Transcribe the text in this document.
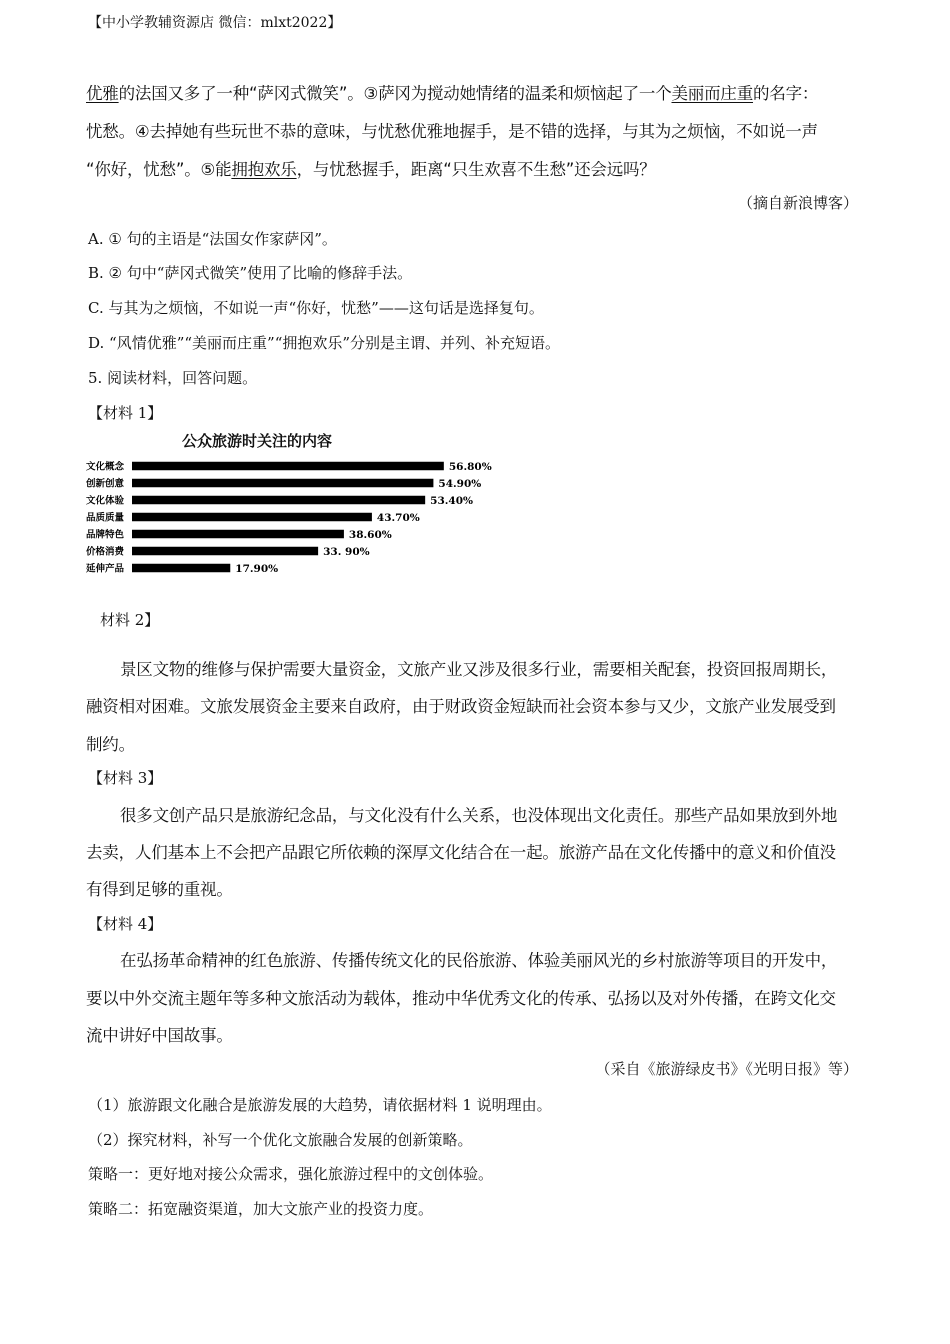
【中小学教辅资源店 微信：mlxt2022】
优雅的法国又多了一种“萨冈式微笑”。③萨冈为搅动她情绪的温柔和烦恼起了一个美丽而庄重的名字：
忧愁。④去掉她有些玩世不恭的意味，与忧愁优雅地握手，是不错的选择，与其为之烦恼，不如说一声
“你好，忧愁”。⑤能拥抱欢乐，与忧愁握手，距离“只生欢喜不生愁”还会远吗？
（摘自新浪博客）
A. ① 句的主语是“法国女作家萨冈”。
B. ② 句中“萨冈式微笑”使用了比喻的修辞手法。
C. 与其为之烦恼，不如说一声“你好，忧愁”——这句话是选择复句。
D. “风情优雅”“美丽而庄重”“拥抱欢乐”分别是主谓、并列、补充短语。
5. 阅读材料，回答问题。
【材料 1】
公众旅游时关注的内容
文化概念	56.80%
创新创意	54.90%
文化体验	53.40%
品质质量	43.70%
品牌特色	38.60%
价格消费	33. 90%
延伸产品	17.90%
材料 2】
景区文物的维修与保护需要大量资金，文旅产业又涉及很多行业，需要相关配套，投资回报周期长，
融资相对困难。文旅发展资金主要来自政府，由于财政资金短缺而社会资本参与又少，文旅产业发展受到
制约。
【材料 3】
很多文创产品只是旅游纪念品，与文化没有什么关系，也没体现出文化责任。那些产品如果放到外地
去卖，人们基本上不会把产品跟它所依赖的深厚文化结合在一起。旅游产品在文化传播中的意义和价值没
有得到足够的重视。
【材料 4】
在弘扬革命精神的红色旅游、传播传统文化的民俗旅游、体验美丽风光的乡村旅游等项目的开发中，
要以中外交流主题年等多种文旅活动为载体，推动中华优秀文化的传承、弘扬以及对外传播，在跨文化交
流中讲好中国故事。
（采自《旅游绿皮书》《光明日报》等）
（1）旅游跟文化融合是旅游发展的大趋势，请依据材料 1 说明理由。
（2）探究材料，补写一个优化文旅融合发展的创新策略。
策略一：更好地对接公众需求，强化旅游过程中的文创体验。
策略二：拓宽融资渠道，加大文旅产业的投资力度。
